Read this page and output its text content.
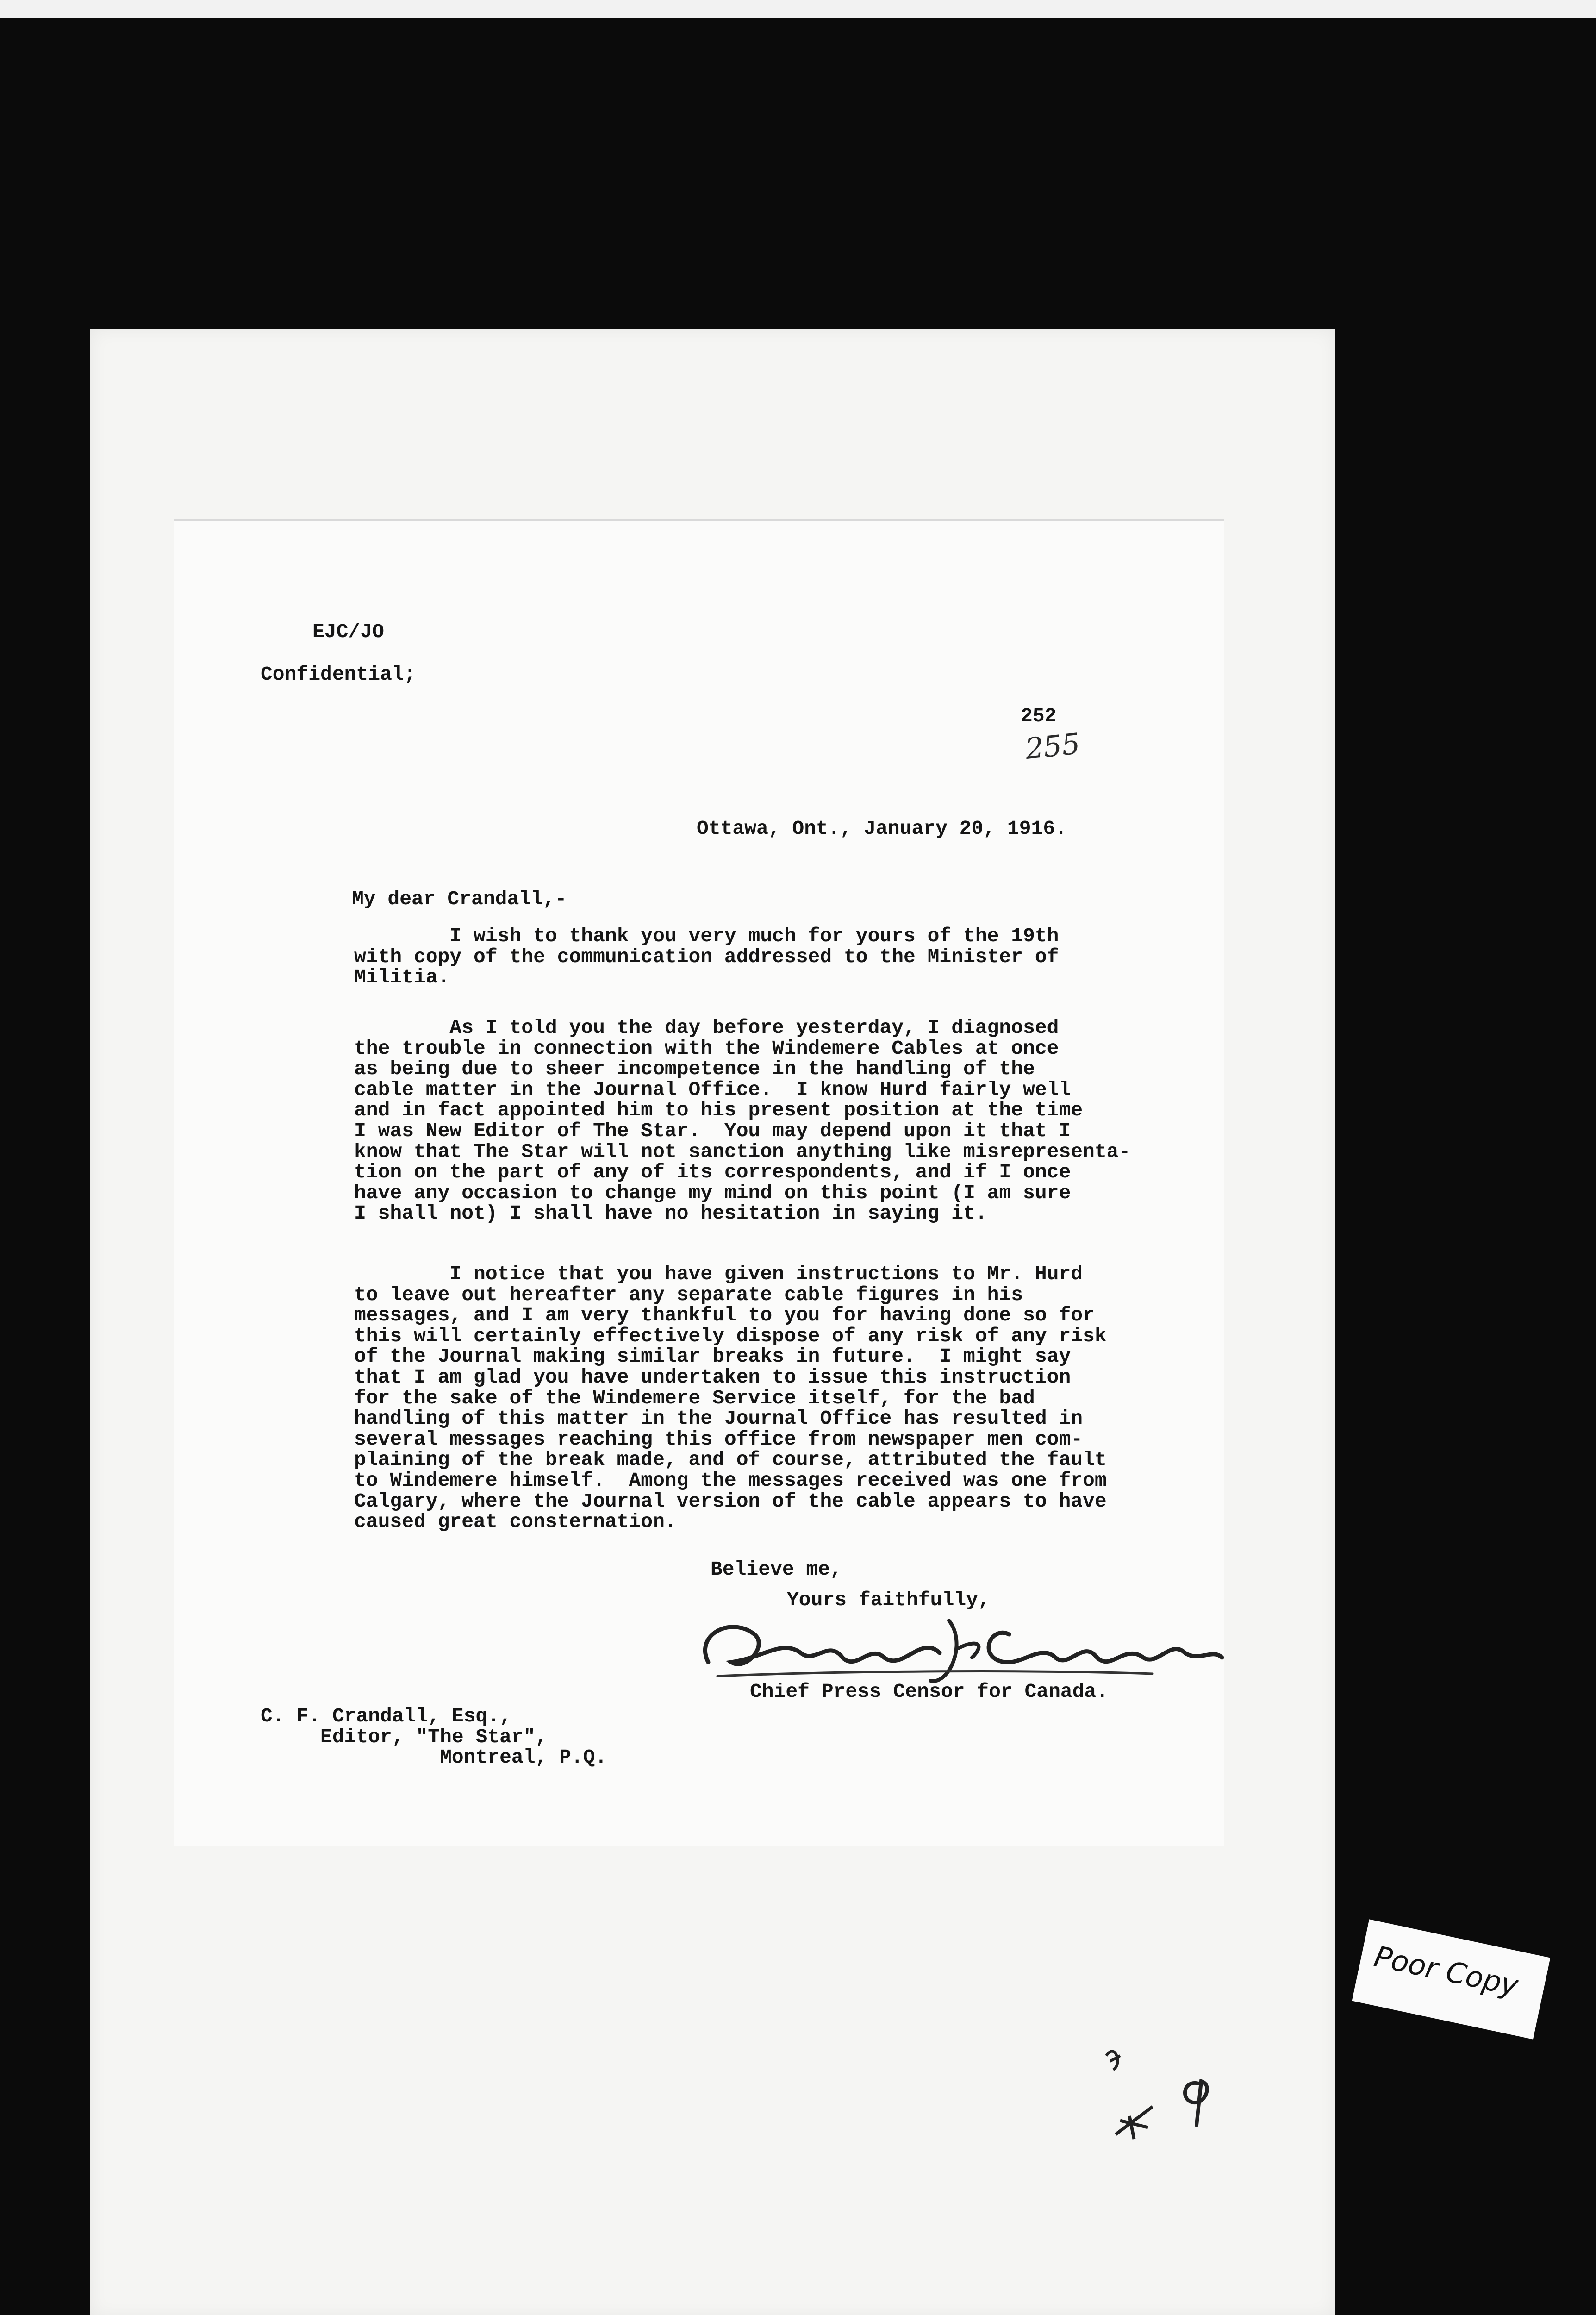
EJC/JO

Confidential;

252

255

Ottawa, Ont., January 20, 1916.

My dear Crandall,-

I wish to thank you very much for yours of the 19th
with copy of the communication addressed to the Minister of
Militia.

As I told you the day before yesterday, I diagnosed
the trouble in connection with the Windemere Cables at once
as being due to sheer incompetence in the handling of the
cable matter in the Journal Office.  I know Hurd fairly well
and in fact appointed him to his present position at the time
I was New Editor of The Star.  You may depend upon it that I
know that The Star will not sanction anything like misrepresenta-
tion on the part of any of its correspondents, and if I once
have any occasion to change my mind on this point (I am sure
I shall not) I shall have no hesitation in saying it.

I notice that you have given instructions to Mr. Hurd
to leave out hereafter any separate cable figures in his
messages, and I am very thankful to you for having done so for
this will certainly effectively dispose of any risk of any risk
of the Journal making similar breaks in future.  I might say
that I am glad you have undertaken to issue this instruction
for the sake of the Windemere Service itself, for the bad
handling of this matter in the Journal Office has resulted in
several messages reaching this office from newspaper men com-
plaining of the break made, and of course, attributed the fault
to Windemere himself.  Among the messages received was one from
Calgary, where the Journal version of the cable appears to have
caused great consternation.

Believe me,

Yours faithfully,

Chief Press Censor for Canada.

C. F. Crandall, Esq.,
Editor, "The Star",
Montreal, P.Q.

Poor Copy
